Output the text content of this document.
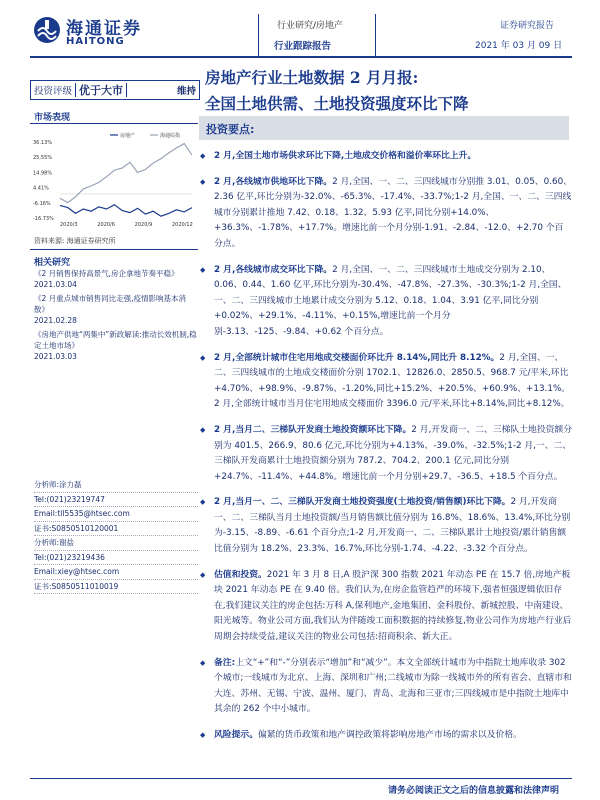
海通证券
HAITONG
行业研究/房地产
行业跟踪报告
证券研究报告
2021 年 03 月 09 日
投资评级 优于大市	维持
房地产行业土地数据 2 月月报:
全国土地供需、土地投资强度环比下降
投资要点:
市场表现
36.13%
25.55%
14.98%
4.41%
-6.16%
-16.73%
2020/3	2020/6	2020/9	2020/12
房地产	海通综指
资料来源: 海通证券研究所
相关研究

《2 月销售保持高景气,房企拿地节奏平稳》
2021.03.04

《2 月重点城市销售同比走强,疫情影响基本消散》
2021.02.28

《房地产供地“两集中”新政解读:推动长效机制,稳定土地市场》
2021.03.03

分析师:涂力磊
Tel:(021)23219747
Email:tll5535@htsec.com
证书:S0850510120001
分析师:谢盐
Tel:(021)23219436
Email:xiey@htsec.com
证书:S0850511010019
◆ 2 月,全国土地市场供求环比下降,土地成交价格和溢价率环比上升。
◆ 2 月,各线城市供地环比下降。2 月,全国、一、二、三四线城市分别推 3.01、0.05、0.60、2.36 亿平,环比分别为-32.0%、-65.3%、-17.4%、-33.7%;1-2 月,全国、一、二、三四线城市分别累计推地 7.42、0.18、1.32、5.93 亿平,同比分别+14.0%、+36.3%、-1.78%、+17.7%。增速比前一个月分别-1.91、-2.84、-12.0、+2.70 个百分点。
◆ 2 月,各线城市成交环比下降。2 月,全国、一、二、三四线城市土地成交分别为 2.10、0.06、0.44、1.60 亿平,环比分别为-30.4%、-47.8%、-27.3%、-30.3%;1-2 月,全国、一、二、三四线城市土地累计成交分别为 5.12、0.18、1.04、3.91 亿平,同比分别+0.02%、+29.1%、-4.11%、+0.15%,增速比前一个月分别-3.13、-125、-9.84、+0.62 个百分点。
◆ 2 月,全部统计城市住宅用地成交楼面价环比升 8.14%,同比升 8.12%。2 月,全国、一、二、三四线城市的土地成交楼面价分别 1702.1、12826.0、2850.5、968.7 元/平米,环比+4.70%、+98.9%、-9.87%、-1.20%,同比+15.2%、+20.5%、+60.9%、+13.1%。2 月,全部统计城市当月住宅用地成交楼面价 3396.0 元/平米,环比+8.14%,同比+8.12%。
◆ 2 月,当月二、三梯队开发商土地投资额环比下降。2 月,开发商一、二、三梯队土地投资额分别为 401.5、266.9、80.6 亿元,环比分别为+4.13%、-39.0%、-32.5%;1-2 月,一、二、三梯队开发商累计土地投资额分别为 787.2、704.2、200.1 亿元,同比分别+24.7%、-11.4%、+44.8%。增速比前一个月分别+29.7、-36.5、+18.5 个百分点。
◆ 2 月,当月一、二、三梯队开发商土地投资强度(土地投资/销售额)环比下降。2 月,开发商一、二、三梯队当月土地投资额/当月销售额比值分别为 16.8%、18.6%、13.4%,环比分别为-3.15、-8.89、-6.61 个百分点;1-2 月,开发商一、二、三梯队累计土地投资/累计销售额比值分别为 18.2%、23.3%、16.7%,环比分别-1.74、-4.22、-3.32 个百分点。
◆ 估值和投资。2021 年 3 月 8 日,A 股沪深 300 指数 2021 年动态 PE 在 15.7 倍,房地产板块 2021 年动态 PE 在 9.40 倍。我们认为,在房企监管趋严的环境下,强者恒强逻辑依旧存在,我们建议关注的房企包括:万科 A,保利地产,金地集团、金科股份、新城控股、中南建设、阳光城等。物业公司方面,我们认为伴随竣工面积数据的持续修复,物业公司作为房地产行业后周期会持续受益,建议关注的物业公司包括:招商积余、新大正。
◆ 备注:上文“+”和“-”分别表示“增加”和“减少”。本文全部统计城市为中指院土地库收录 302 个城市;一线城市为北京、上海、深圳和广州;二线城市为除一线城市外的所有省会、直辖市和大连、苏州、无锡、宁波、温州、厦门、青岛、北海和三亚市;三四线城市是中指院土地库中其余的 262 个中小城市。
◆ 风险提示。偏紧的货币政策和地产调控政策将影响房地产市场的需求以及价格。
请务必阅读正文之后的信息披露和法律声明
